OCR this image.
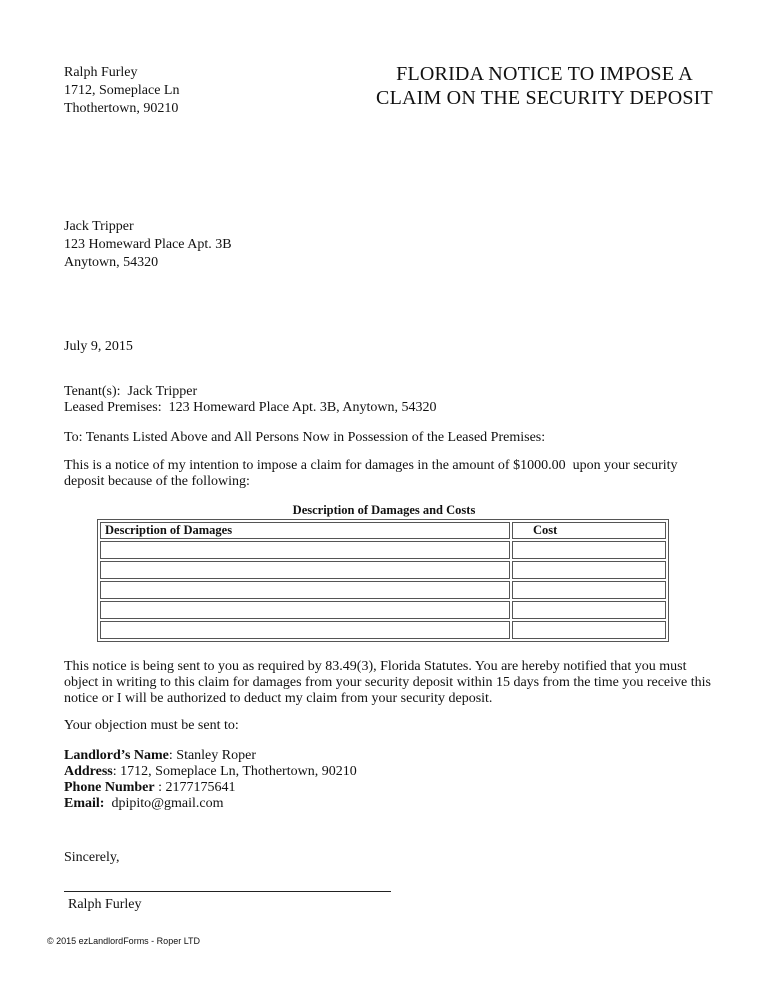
Ralph Furley
1712, Someplace Ln
Thothertown, 90210
FLORIDA NOTICE TO IMPOSE A
CLAIM ON THE SECURITY DEPOSIT
Jack Tripper
123 Homeward Place Apt. 3B
Anytown, 54320
July 9, 2015
Tenant(s):  Jack Tripper
Leased Premises:  123 Homeward Place Apt. 3B, Anytown, 54320
To: Tenants Listed Above and All Persons Now in Possession of the Leased Premises:
This is a notice of my intention to impose a claim for damages in the amount of $1000.00  upon your security deposit because of the following:
Description of Damages and Costs
Description of Damages	Cost

This notice is being sent to you as required by 83.49(3), Florida Statutes. You are hereby notified that you must object in writing to this claim for damages from your security deposit within 15 days from the time you receive this notice or I will be authorized to deduct my claim from your security deposit.
Your objection must be sent to:
Landlord’s Name: Stanley Roper
Address: 1712, Someplace Ln, Thothertown, 90210
Phone Number : 2177175641
Email:  dpipito@gmail.com
Sincerely,
Ralph Furley
© 2015 ezLandlordForms - Roper LTD
